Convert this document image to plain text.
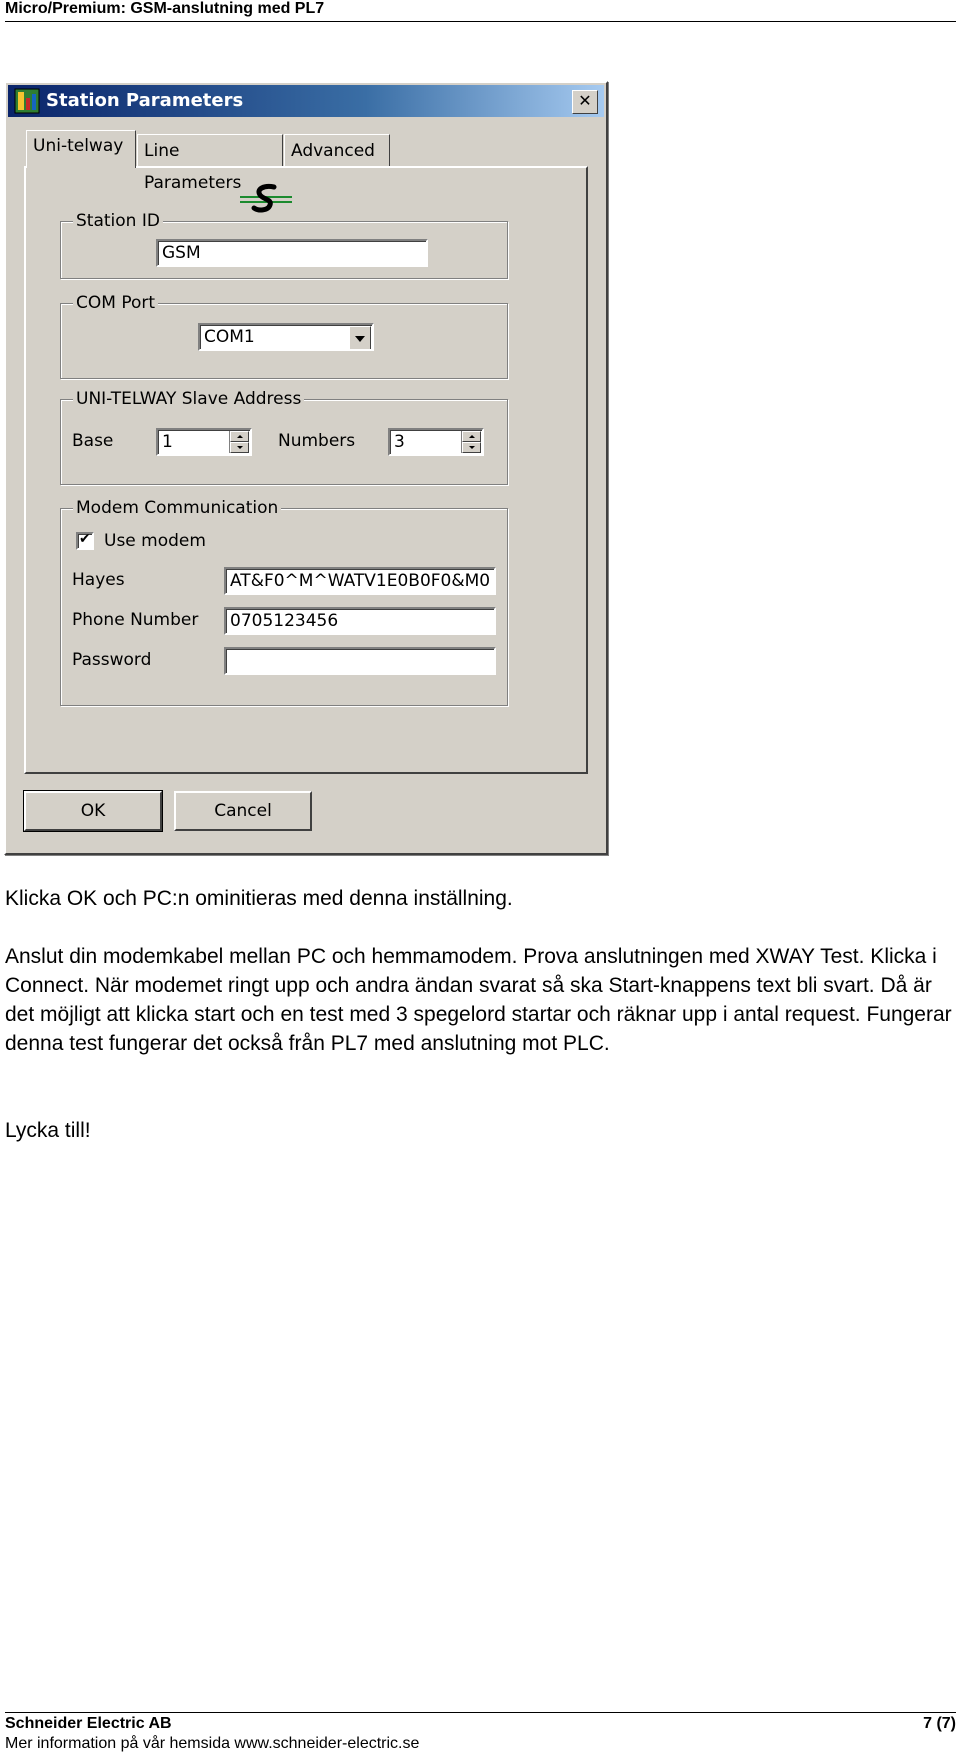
Micro/Premium: GSM-anslutning med PL7
Station Parameters	✕
Uni-telway	Line Parameters
Advanced
Station ID
GSM
COM Port
COM1
UNI-TELWAY Slave Address
Base	1	Numbers	3
Modem Communication
✔ Use modem
Hayes	AT&F0^M^WATV1E0B0F0&M0
Phone Number	0705123456
Password
OK	Cancel

Klicka OK och PC:n ominitieras med denna inställning.

Anslut din modemkabel mellan PC och hemmamodem. Prova anslutningen med XWAY Test. Klicka i Connect. När modemet ringt upp och andra ändan svarat så ska Start-knappens text bli svart. Då är det möjligt att klicka start och en test med 3 spegelord startar och räknar upp i antal request. Fungerar denna test fungerar det också från PL7 med anslutning mot PLC.

Lycka till!

Schneider Electric AB	7 (7)
Mer information på vår hemsida www.schneider-electric.se
